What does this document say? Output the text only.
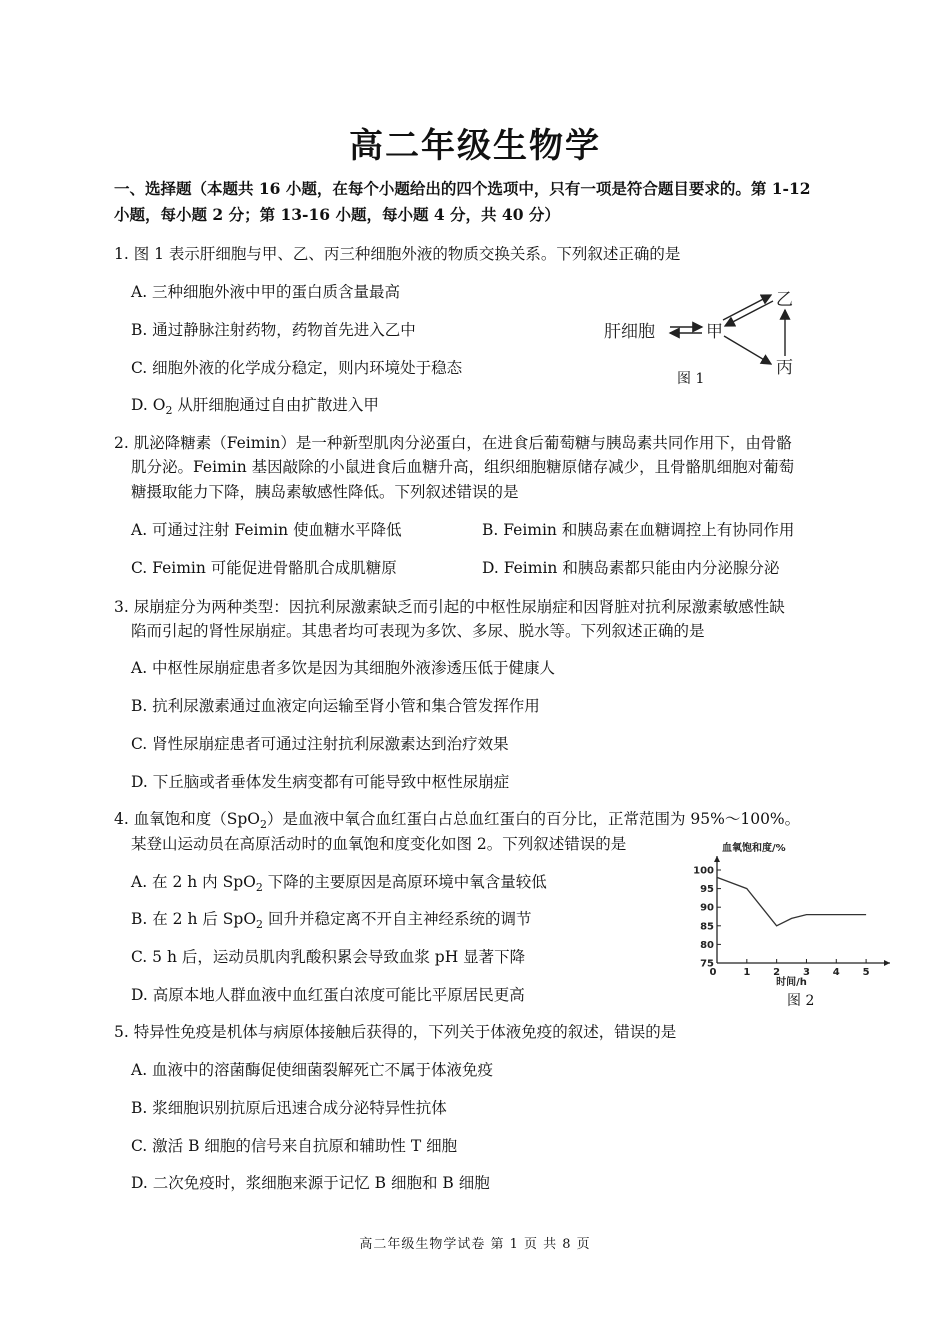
高二年级生物学
一、选择题（本题共 16 小题，在每个小题给出的四个选项中，只有一项是符合题目要求的。第 1-12
小题，每小题 2 分；第 13-16 小题，每小题 4 分，共 40 分）
1. 图 1 表示肝细胞与甲、乙、丙三种细胞外液的物质交换关系。下列叙述正确的是
A. 三种细胞外液中甲的蛋白质含量最高
B. 通过静脉注射药物，药物首先进入乙中
C. 细胞外液的化学成分稳定，则内环境处于稳态
D. $O_2$ 从肝细胞通过自由扩散进入甲
肝细胞	甲
乙
丙
图 1
2. 肌泌降糖素（Feimin）是一种新型肌肉分泌蛋白，在进食后葡萄糖与胰岛素共同作用下，由骨骼
肌分泌。Feimin 基因敲除的小鼠进食后血糖升高，组织细胞糖原储存减少，且骨骼肌细胞对葡萄
糖摄取能力下降，胰岛素敏感性降低。下列叙述错误的是
A. 可通过注射 Feimin 使血糖水平降低	B. Feimin 和胰岛素在血糖调控上有协同作用
C. Feimin 可能促进骨骼肌合成肌糖原	D. Feimin 和胰岛素都只能由内分泌腺分泌
3. 尿崩症分为两种类型：因抗利尿激素缺乏而引起的中枢性尿崩症和因肾脏对抗利尿激素敏感性缺
陷而引起的肾性尿崩症。其患者均可表现为多饮、多尿、脱水等。下列叙述正确的是
A. 中枢性尿崩症患者多饮是因为其细胞外液渗透压低于健康人
B. 抗利尿激素通过血液定向运输至肾小管和集合管发挥作用
C. 肾性尿崩症患者可通过注射抗利尿激素达到治疗效果
D. 下丘脑或者垂体发生病变都有可能导致中枢性尿崩症
4. 血氧饱和度（SpO$_2$）是血液中氧合血红蛋白占总血红蛋白的百分比，正常范围为 95%～100%。
某登山运动员在高原活动时的血氧饱和度变化如图 2。下列叙述错误的是
A. 在 2 h 内 SpO$_2$ 下降的主要原因是高原环境中氧含量较低
B. 在 2 h 后 SpO$_2$ 回升并稳定离不开自主神经系统的调节
C. 5 h 后，运动员肌肉乳酸积累会导致血浆 pH 显著下降
D. 高原本地人群血液中血红蛋白浓度可能比平原居民更高
血氧饱和度/%
时间/h
75
80
85
90
95
100
0	1 2 3 4 5
图 2
5. 特异性免疫是机体与病原体接触后获得的，下列关于体液免疫的叙述，错误的是
A. 血液中的溶菌酶促使细菌裂解死亡不属于体液免疫
B. 浆细胞识别抗原后迅速合成分泌特异性抗体
C. 激活 B 细胞的信号来自抗原和辅助性 T 细胞
D. 二次免疫时，浆细胞来源于记忆 B 细胞和 B 细胞
高二年级生物学试卷 第 1 页 共 8 页
